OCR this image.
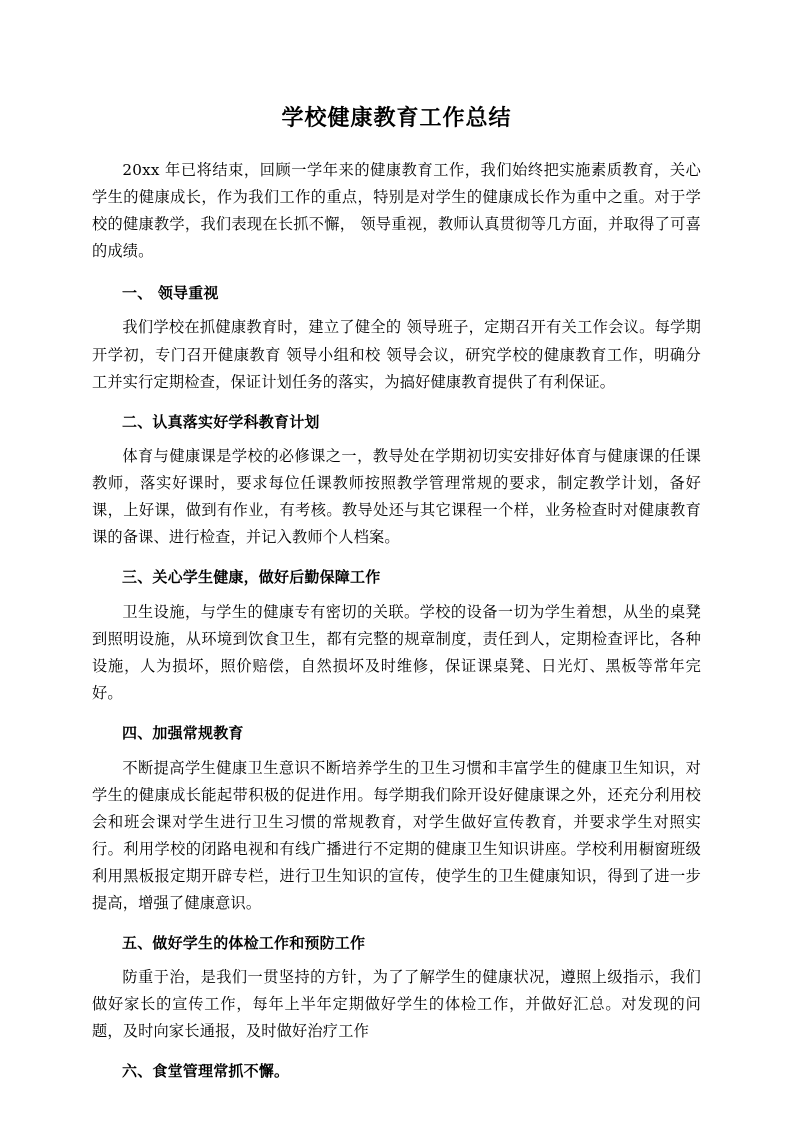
学校健康教育工作总结

20xx 年已将结束，回顾一学年来的健康教育工作，我们始终把实施素质教育，关心学生的健康成长，作为我们工作的重点，特别是对学生的健康成长作为重中之重。对于学校的健康教学，我们表现在长抓不懈， 领导重视，教师认真贯彻等几方面，并取得了可喜的成绩。

一、 领导重视

我们学校在抓健康教育时，建立了健全的 领导班子，定期召开有关工作会议。每学期开学初，专门召开健康教育 领导小组和校 领导会议，研究学校的健康教育工作，明确分工并实行定期检查，保证计划任务的落实，为搞好健康教育提供了有利保证。

二、认真落实好学科教育计划

体育与健康课是学校的必修课之一，教导处在学期初切实安排好体育与健康课的任课教师，落实好课时，要求每位任课教师按照教学管理常规的要求，制定教学计划，备好课，上好课，做到有作业，有考核。教导处还与其它课程一个样，业务检查时对健康教育课的备课、进行检查，并记入教师个人档案。

三、关心学生健康，做好后勤保障工作

卫生设施，与学生的健康专有密切的关联。学校的设备一切为学生着想，从坐的桌凳到照明设施，从环境到饮食卫生，都有完整的规章制度，责任到人，定期检查评比，各种设施，人为损坏，照价赔偿，自然损坏及时维修，保证课桌凳、日光灯、黑板等常年完好。

四、加强常规教育

不断提高学生健康卫生意识不断培养学生的卫生习惯和丰富学生的健康卫生知识，对学生的健康成长能起带积极的促进作用。每学期我们除开设好健康课之外，还充分利用校会和班会课对学生进行卫生习惯的常规教育，对学生做好宣传教育，并要求学生对照实行。利用学校的闭路电视和有线广播进行不定期的健康卫生知识讲座。学校利用橱窗班级利用黑板报定期开辟专栏，进行卫生知识的宣传，使学生的卫生健康知识，得到了进一步提高，增强了健康意识。

五、做好学生的体检工作和预防工作

防重于治，是我们一贯坚持的方针，为了了解学生的健康状况，遵照上级指示，我们做好家长的宣传工作，每年上半年定期做好学生的体检工作，并做好汇总。对发现的问题，及时向家长通报，及时做好治疗工作

六、食堂管理常抓不懈。
